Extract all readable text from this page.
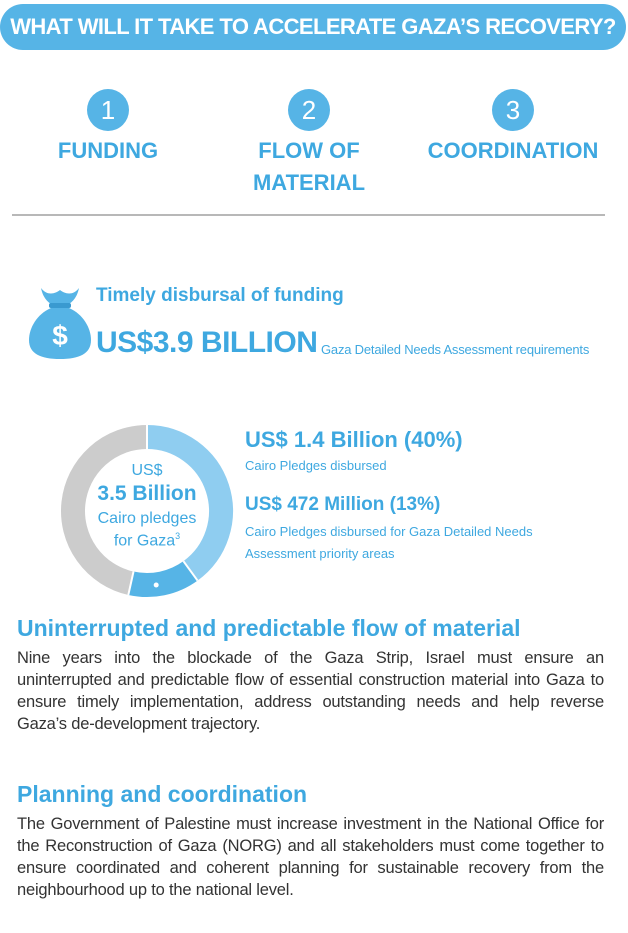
WHAT WILL IT TAKE TO ACCELERATE GAZA’S RECOVERY?
1
FUNDING
2
FLOW OF
MATERIAL
3
COORDINATION
$
Timely disbursal of funding
US$3.9 BILLION Gaza Detailed Needs Assessment requirements
US$
3.5 Billion
Cairo pledges
for Gaza$^3$
US$ 1.4 Billion (40%)
Cairo Pledges disbursed
US$ 472 Million (13%)
Cairo Pledges disbursed for Gaza Detailed Needs Assessment priority areas
Uninterrupted and predictable flow of material
Nine years into the blockade of the Gaza Strip, Israel must ensure an uninterrupted and predictable flow of essential construction material into Gaza to ensure timely implementation, address outstanding needs and help reverse Gaza’s de-development trajectory.
Planning and coordination
The Government of Palestine must increase investment in the National Office for the Reconstruction of Gaza (NORG) and all stakeholders must come together to ensure coordinated and coherent planning for sustainable recovery from the neighbourhood up to the national level.
